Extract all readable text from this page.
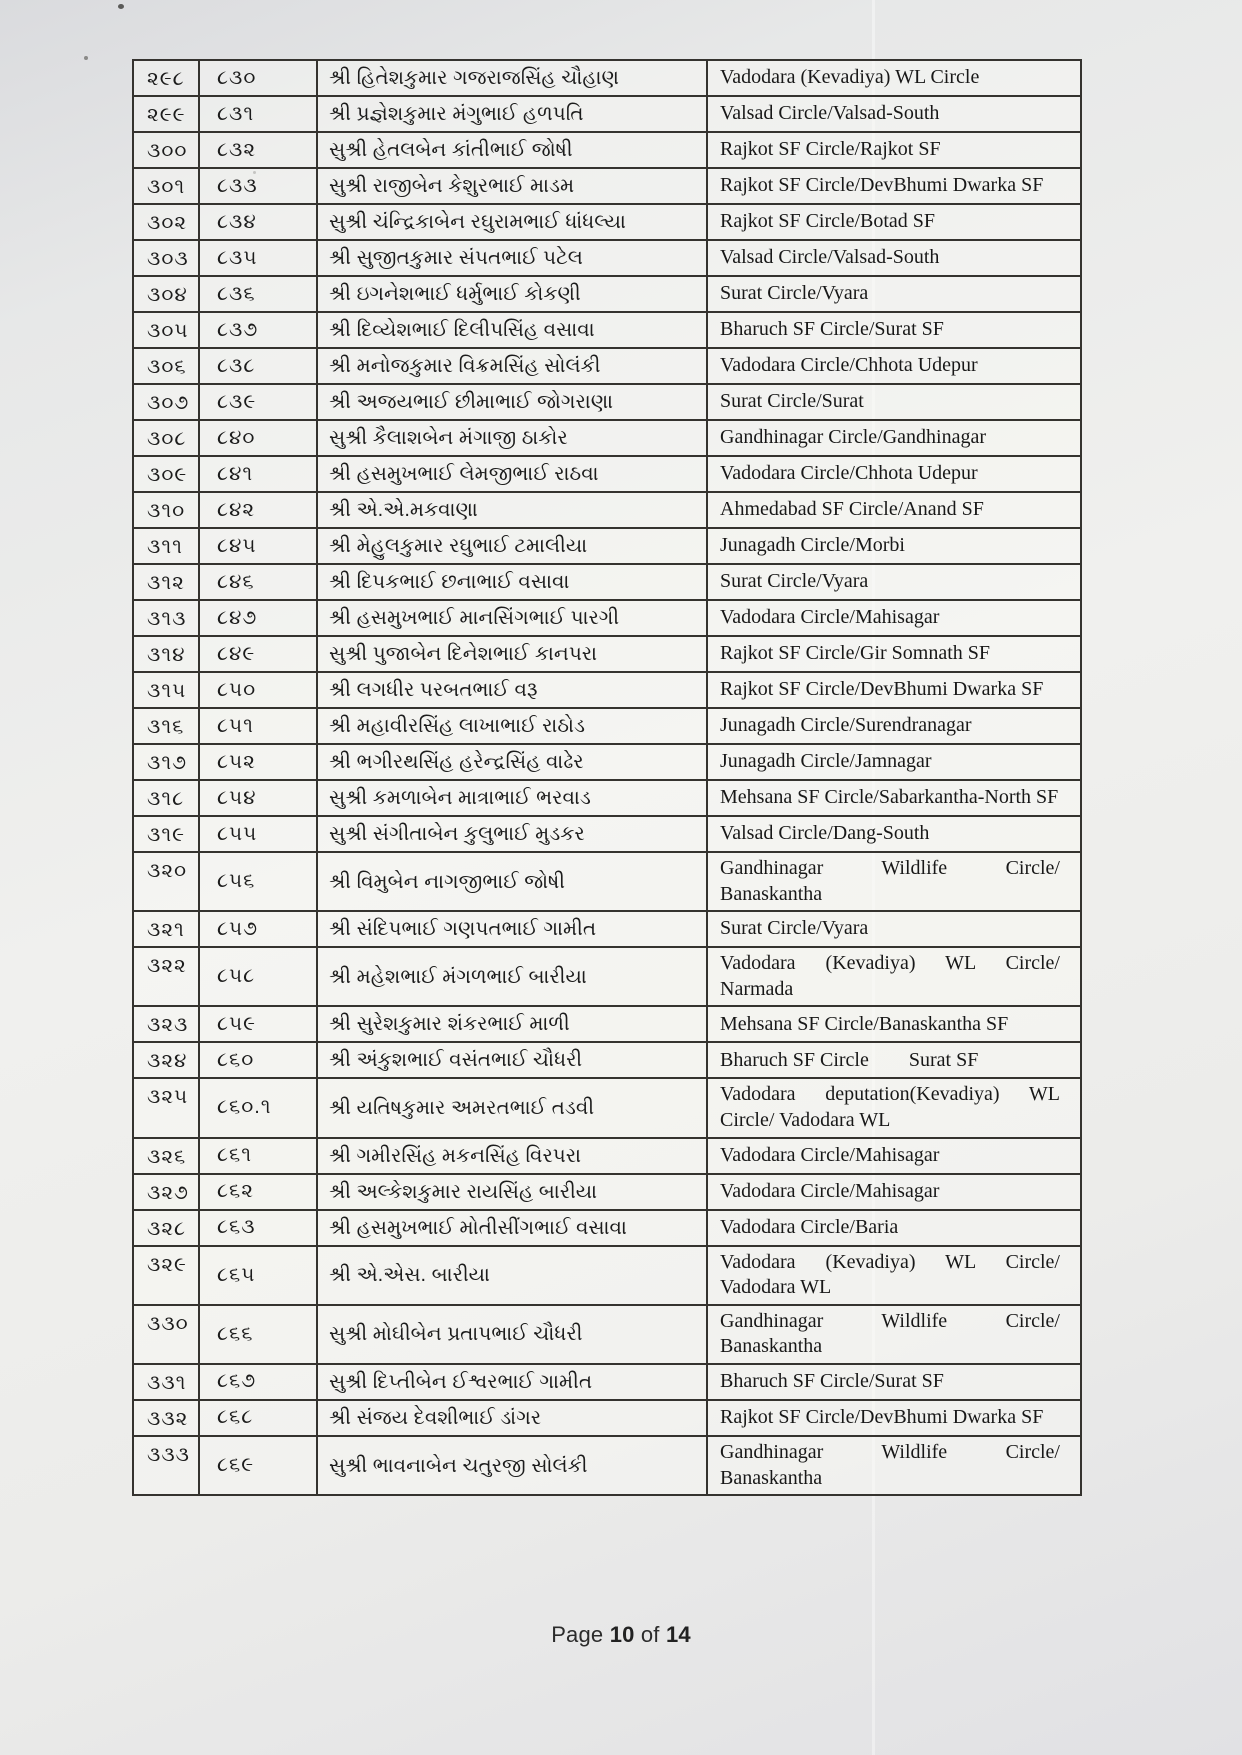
૨૯૮	૮૩૦	શ્રી હિતેશકુમાર ગજરાજસિંહ ચૌહાણ	Vadodara (Kevadiya) WL Circle
૨૯૯	૮૩૧	શ્રી પ્રજ્ઞેશકુમાર મંગુભાઈ હળપતિ	Valsad Circle/Valsad-South
૩૦૦	૮૩૨	સુશ્રી હેતલબેન કાંતીભાઈ જોષી	Rajkot SF Circle/Rajkot SF
૩૦૧	૮૩૩	સુશ્રી રાજીબેન કેશુરભાઈ માડમ	Rajkot SF Circle/DevBhumi Dwarka SF
૩૦૨	૮૩૪	સુશ્રી ચંન્દ્રિકાબેન રઘુરામભાઈ ધાંધલ્યા	Rajkot SF Circle/Botad SF
૩૦૩	૮૩૫	શ્રી સુજીતકુમાર સંપતભાઈ પટેલ	Valsad Circle/Valsad-South
૩૦૪	૮૩૬	શ્રી ઇગનેશભાઈ ધર્મુભાઈ કોકણી	Surat Circle/Vyara
૩૦૫	૮૩૭	શ્રી દિવ્યેશભાઈ દિલીપસિંહ વસાવા	Bharuch SF Circle/Surat SF
૩૦૬	૮૩૮	શ્રી મનોજકુમાર વિક્રમસિંહ સોલંકી	Vadodara Circle/Chhota Udepur
૩૦૭	૮૩૯	શ્રી અજયભાઈ છીમાભાઈ જોગરાણા	Surat Circle/Surat
૩૦૮	૮૪૦	સુશ્રી કૈલાશબેન મંગાજી ઠાકોર	Gandhinagar Circle/Gandhinagar
૩૦૯	૮૪૧	શ્રી હસમુખભાઈ લેમજીભાઈ રાઠવા	Vadodara Circle/Chhota Udepur
૩૧૦	૮૪૨	શ્રી એ.એ.મકવાણા	Ahmedabad SF Circle/Anand SF
૩૧૧	૮૪૫	શ્રી મેહુલકુમાર રઘુભાઈ ટમાલીયા	Junagadh Circle/Morbi
૩૧૨	૮૪૬	શ્રી દિપકભાઈ છનાભાઈ વસાવા	Surat Circle/Vyara
૩૧૩	૮૪૭	શ્રી હસમુખભાઈ માનસિંગભાઈ પારગી	Vadodara Circle/Mahisagar
૩૧૪	૮૪૯	સુશ્રી પુજાબેન દિનેશભાઈ કાનપરા	Rajkot SF Circle/Gir Somnath SF
૩૧૫	૮૫૦	શ્રી લગધીર પરબતભાઈ વરૂ	Rajkot SF Circle/DevBhumi Dwarka SF
૩૧૬	૮૫૧	શ્રી મહાવીરસિંહ લાખાભાઈ રાઠોડ	Junagadh Circle/Surendranagar
૩૧૭	૮૫૨	શ્રી ભગીરથસિંહ હરેન્દ્રસિંહ વાઢેર	Junagadh Circle/Jamnagar
૩૧૮	૮૫૪	સુશ્રી કમળાબેન માત્રાભાઈ ભરવાડ	Mehsana SF Circle/Sabarkantha-North SF
૩૧૯	૮૫૫	સુશ્રી સંગીતાબેન કુલુભાઈ મુડકર	Valsad Circle/Dang-South
૩૨૦	૮૫૬	શ્રી વિમુબેન નાગજીભાઈ જોષી	Gandhinagar Wildlife Circle/ Banaskantha
૩૨૧	૮૫૭	શ્રી સંદિપભાઈ ગણપતભાઈ ગામીત	Surat Circle/Vyara
૩૨૨	૮૫૮	શ્રી મહેશભાઈ મંગળભાઈ બારીયા	Vadodara (Kevadiya) WL Circle/ Narmada
૩૨૩	૮૫૯	શ્રી સુરેશકુમાર શંકરભાઈ માળી	Mehsana SF Circle/Banaskantha SF
૩૨૪	૮૬૦	શ્રી અંકુશભાઈ વસંતભાઈ ચૌધરી	Bharuch SF Circle        Surat SF
૩૨૫	૮૬૦.૧	શ્રી યતિષકુમાર અમરતભાઈ તડવી	Vadodara deputation(Kevadiya) WL Circle/ Vadodara WL
૩૨૬	૮૬૧	શ્રી ગમીરસિંહ મકનસિંહ વિરપરા	Vadodara Circle/Mahisagar
૩૨૭	૮૬૨	શ્રી અલ્કેશકુમાર રાયસિંહ બારીયા	Vadodara Circle/Mahisagar
૩૨૮	૮૬૩	શ્રી હસમુખભાઈ મોતીસીંગભાઈ વસાવા	Vadodara Circle/Baria
૩૨૯	૮૬૫	શ્રી એ.એસ. બારીયા	Vadodara (Kevadiya) WL Circle/ Vadodara WL
૩૩૦	૮૬૬	સુશ્રી મોઘીબેન પ્રતાપભાઈ ચૌધરી	Gandhinagar Wildlife Circle/ Banaskantha
૩૩૧	૮૬૭	સુશ્રી દિપ્તીબેન ઈશ્વરભાઈ ગામીત	Bharuch SF Circle/Surat SF
૩૩૨	૮૬૮	શ્રી સંજય દેવશીભાઈ ડાંગર	Rajkot SF Circle/DevBhumi Dwarka SF
૩૩૩	૮૬૯	સુશ્રી ભાવનાબેન ચતુરજી સોલંકી	Gandhinagar Wildlife Circle/ Banaskantha
Page 10 of 14
